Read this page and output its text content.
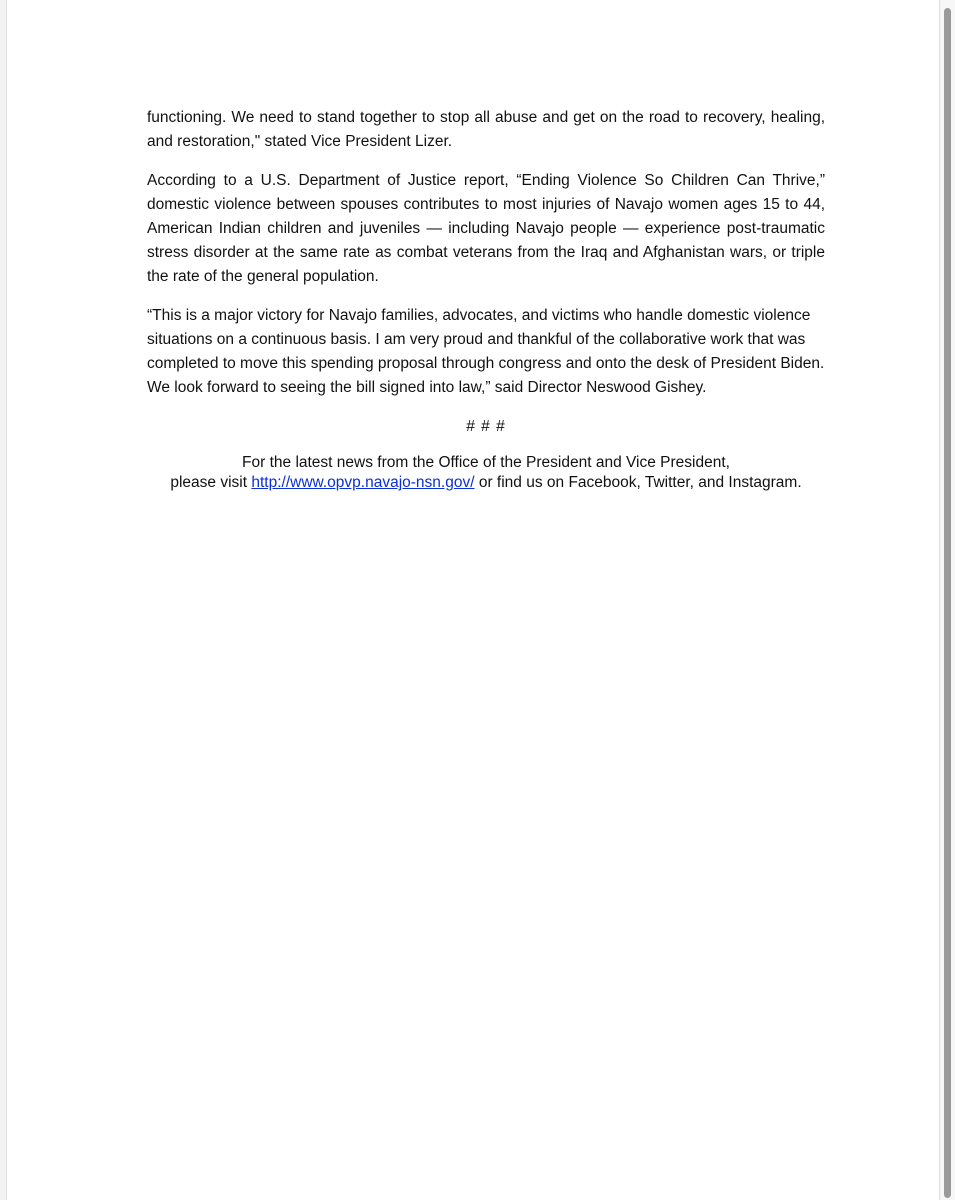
functioning. We need to stand together to stop all abuse and get on the road to recovery, healing, and restoration," stated Vice President Lizer.

According to a U.S. Department of Justice report, “Ending Violence So Children Can Thrive,” domestic violence between spouses contributes to most injuries of Navajo women ages 15 to 44, American Indian children and juveniles — including Navajo people — experience post-traumatic stress disorder at the same rate as combat veterans from the Iraq and Afghanistan wars, or triple the rate of the general population.

“This is a major victory for Navajo families, advocates, and victims who handle domestic violence situations on a continuous basis. I am very proud and thankful of the collaborative work that was completed to move this spending proposal through congress and onto the desk of President Biden. We look forward to seeing the bill signed into law,” said Director Neswood Gishey.

# # #
For the latest news from the Office of the President and Vice President,
please visit http://www.opvp.navajo-nsn.gov/ or find us on Facebook, Twitter, and Instagram.
